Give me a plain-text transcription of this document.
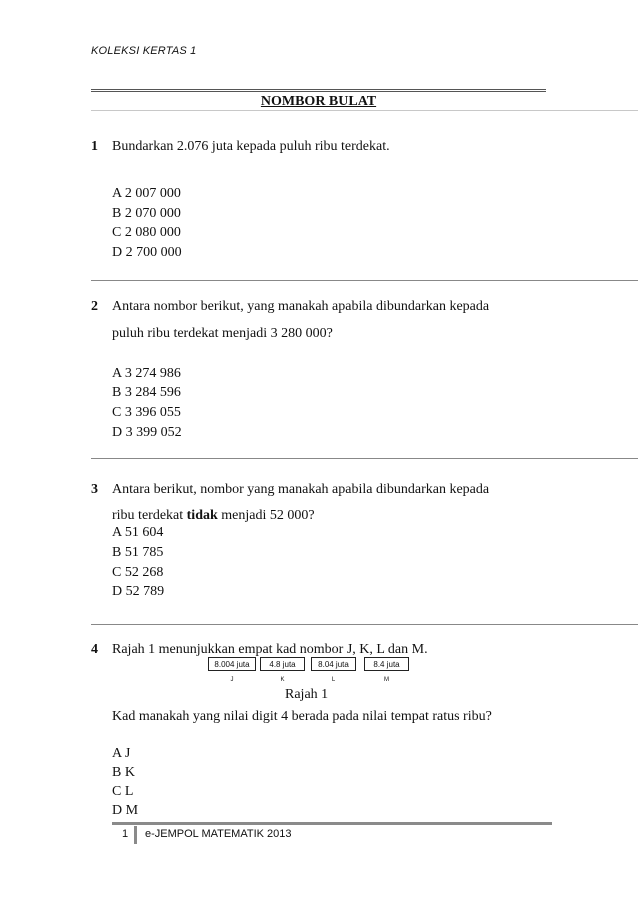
KOLEKSI KERTAS 1
NOMBOR BULAT
1 Bundarkan 2.076 juta kepada puluh ribu terdekat.
A 2 007 000
B 2 070 000
C 2 080 000
D 2 700 000
2 Antara nombor berikut, yang manakah apabila dibundarkan kepada
puluh ribu terdekat menjadi 3 280 000?
A 3 274 986
B 3 284 596
C 3 396 055
D 3 399 052
3 Antara berikut, nombor yang manakah apabila dibundarkan kepada
ribu terdekat tidak menjadi 52 000?
A 51 604
B 51 785
C 52 268
D 52 789
4 Rajah 1 menunjukkan empat kad nombor J, K, L dan M.
8.004 juta
J
4.8 juta
K
8.04 juta
L
8.4 juta
M
Rajah 1
Kad manakah yang nilai digit 4 berada pada nilai tempat ratus ribu?
A J
B K
C L
D M
1 e-JEMPOL MATEMATIK 2013
